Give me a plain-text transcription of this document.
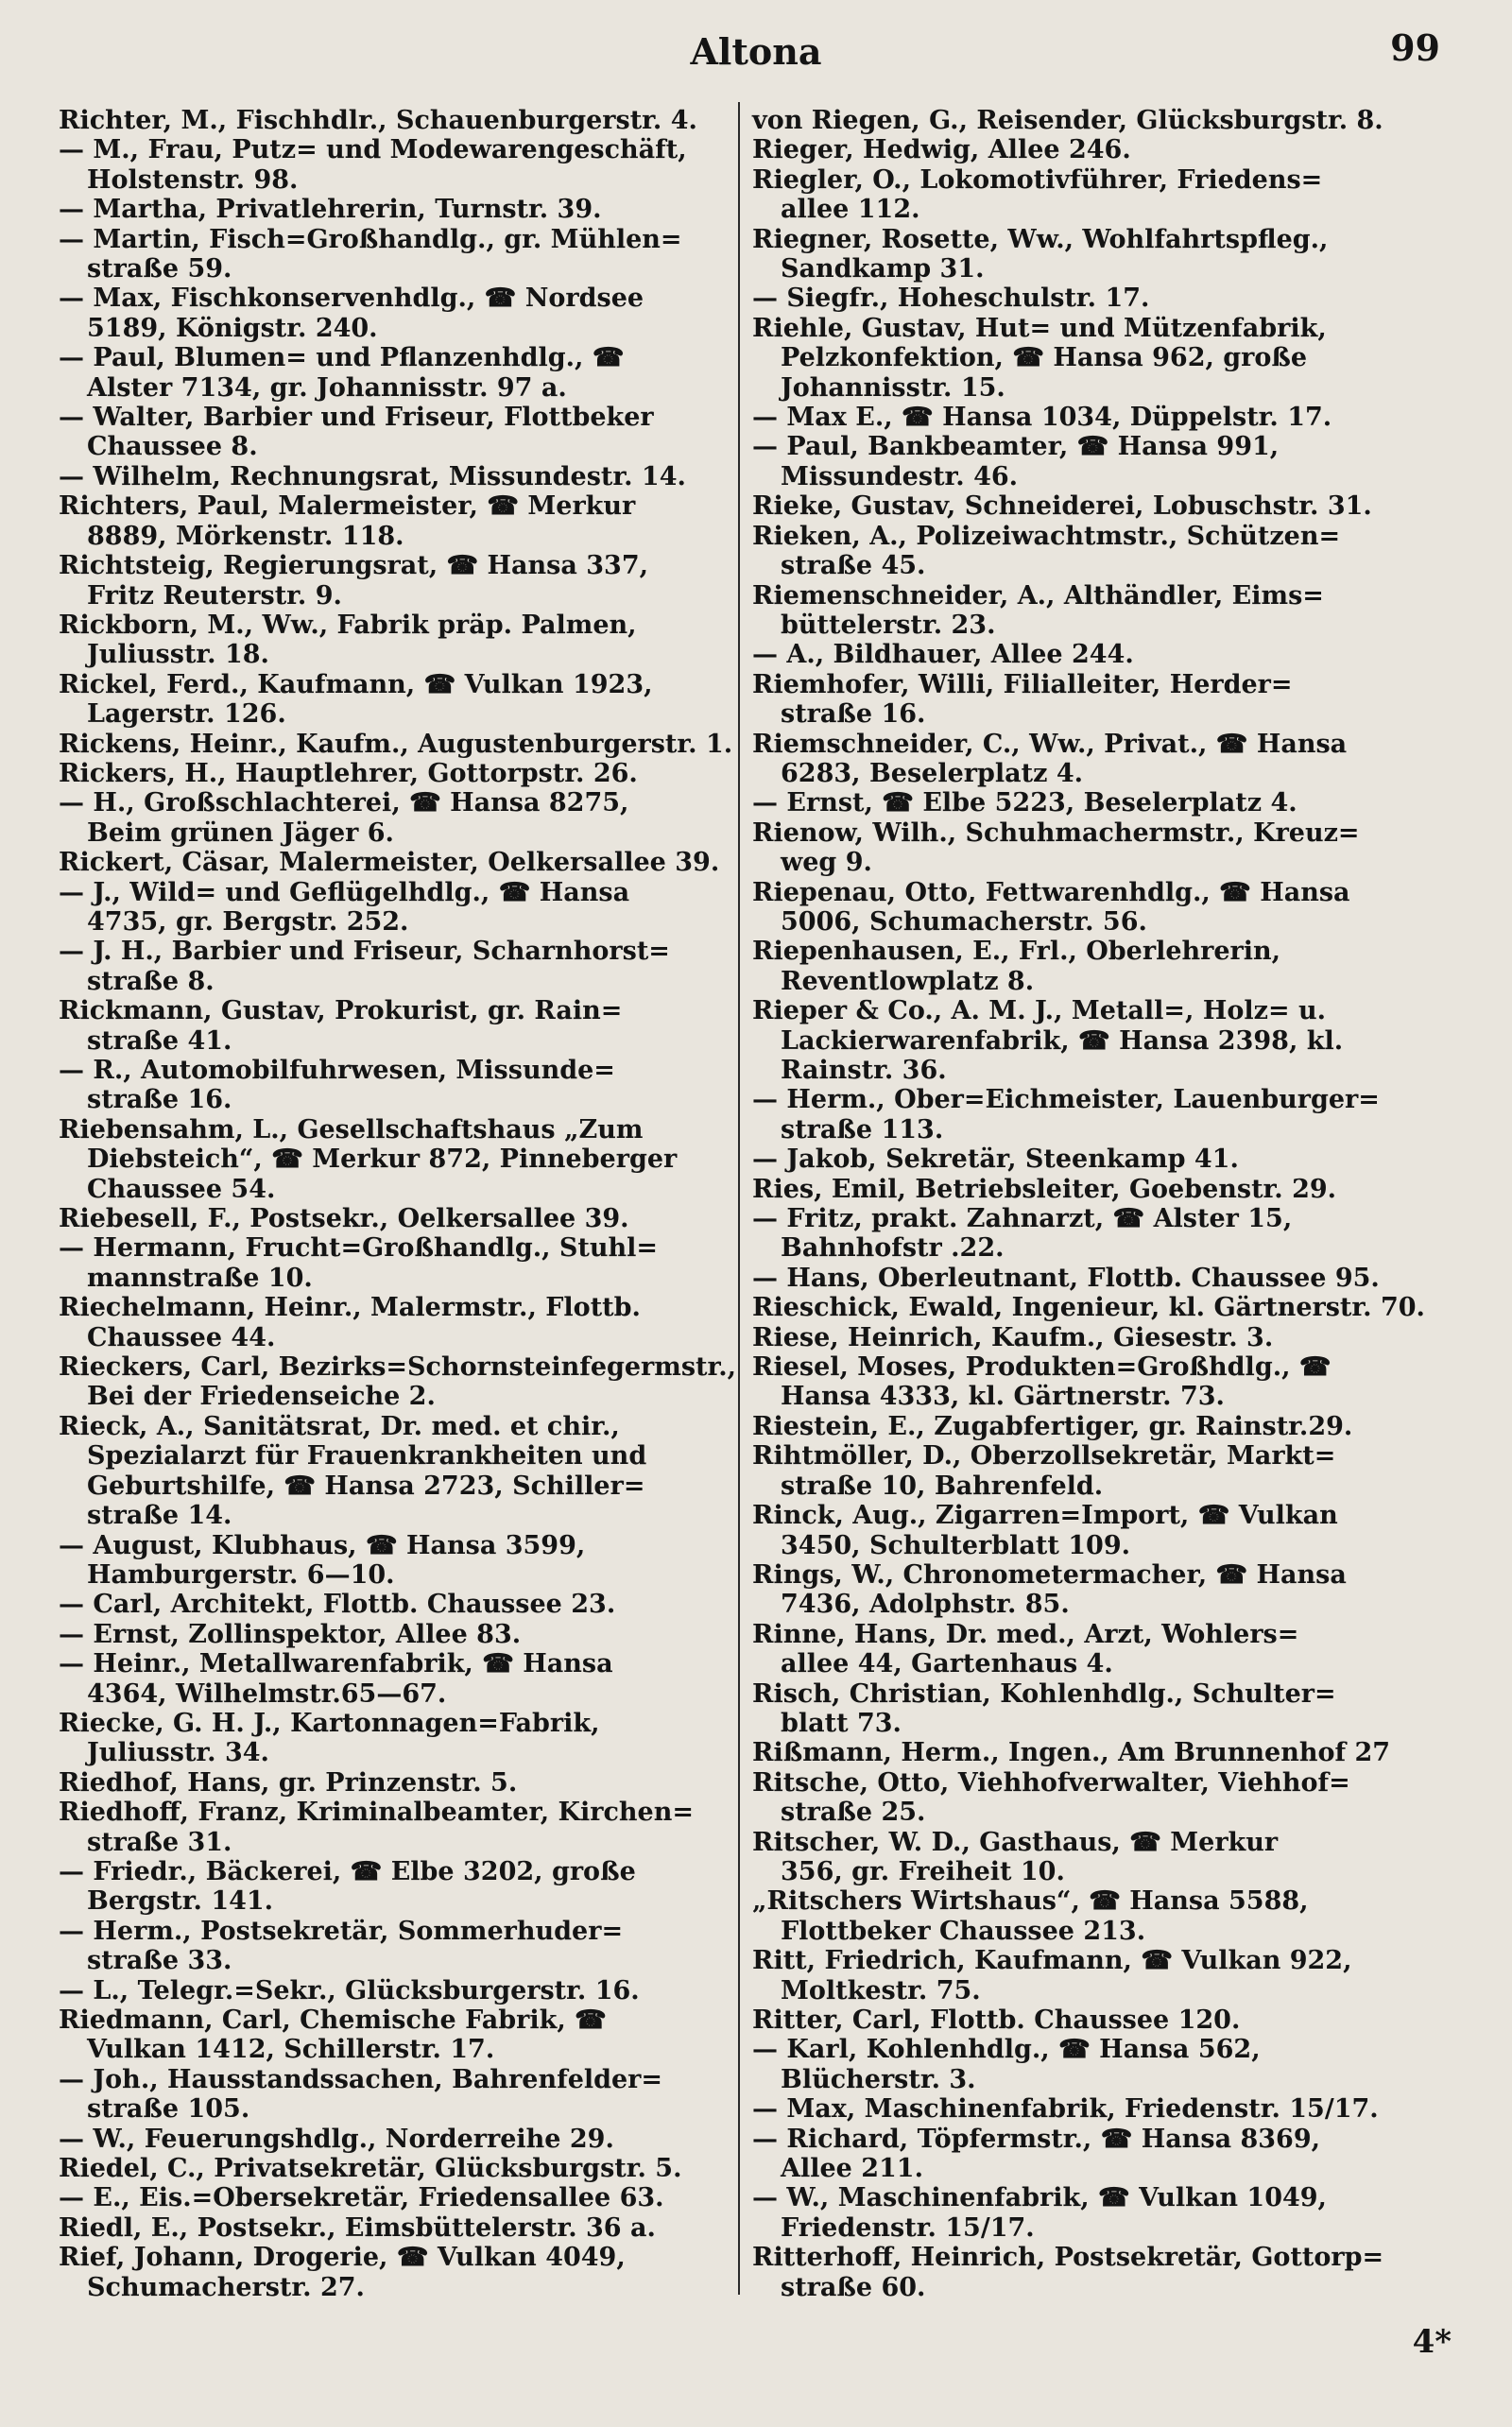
Altona	99
Richter, M., Fischhdlr., Schauenburgerstr. 4.
— M., Frau, Putz= und Modewarengeschäft,
Holstenstr. 98.
— Martha, Privatlehrerin, Turnstr. 39.
— Martin, Fisch=Großhandlg., gr. Mühlen=
straße 59.
— Max, Fischkonservenhdlg., ☎ Nordsee
5189, Königstr. 240.
— Paul, Blumen= und Pflanzenhdlg., ☎
Alster 7134, gr. Johannisstr. 97 a.
— Walter, Barbier und Friseur, Flottbeker
Chaussee 8.
— Wilhelm, Rechnungsrat, Missundestr. 14.
Richters, Paul, Malermeister, ☎ Merkur
8889, Mörkenstr. 118.
Richtsteig, Regierungsrat, ☎ Hansa 337,
Fritz Reuterstr. 9.
Rickborn, M., Ww., Fabrik präp. Palmen,
Juliusstr. 18.
Rickel, Ferd., Kaufmann, ☎ Vulkan 1923,
Lagerstr. 126.
Rickens, Heinr., Kaufm., Augustenburgerstr. 1.
Rickers, H., Hauptlehrer, Gottorpstr. 26.
— H., Großschlachterei, ☎ Hansa 8275,
Beim grünen Jäger 6.
Rickert, Cäsar, Malermeister, Oelkersallee 39.
— J., Wild= und Geflügelhdlg., ☎ Hansa
4735, gr. Bergstr. 252.
— J. H., Barbier und Friseur, Scharnhorst=
straße 8.
Rickmann, Gustav, Prokurist, gr. Rain=
straße 41.
— R., Automobilfuhrwesen, Missunde=
straße 16.
Riebensahm, L., Gesellschaftshaus „Zum
Diebsteich“, ☎ Merkur 872, Pinneberger
Chaussee 54.
Riebesell, F., Postsekr., Oelkersallee 39.
— Hermann, Frucht=Großhandlg., Stuhl=
mannstraße 10.
Riechelmann, Heinr., Malermstr., Flottb.
Chaussee 44.
Rieckers, Carl, Bezirks=Schornsteinfegermstr.,
Bei der Friedenseiche 2.
Rieck, A., Sanitätsrat, Dr. med. et chir.,
Spezialarzt für Frauenkrankheiten und
Geburtshilfe, ☎ Hansa 2723, Schiller=
straße 14.
— August, Klubhaus, ☎ Hansa 3599,
Hamburgerstr. 6—10.
— Carl, Architekt, Flottb. Chaussee 23.
— Ernst, Zollinspektor, Allee 83.
— Heinr., Metallwarenfabrik, ☎ Hansa
4364, Wilhelmstr.65—67.
Riecke, G. H. J., Kartonnagen=Fabrik,
Juliusstr. 34.
Riedhof, Hans, gr. Prinzenstr. 5.
Riedhoff, Franz, Kriminalbeamter, Kirchen=
straße 31.
— Friedr., Bäckerei, ☎ Elbe 3202, große
Bergstr. 141.
— Herm., Postsekretär, Sommerhuder=
straße 33.
— L., Telegr.=Sekr., Glücksburgerstr. 16.
Riedmann, Carl, Chemische Fabrik, ☎
Vulkan 1412, Schillerstr. 17.
— Joh., Hausstandssachen, Bahrenfelder=
straße 105.
— W., Feuerungshdlg., Norderreihe 29.
Riedel, C., Privatsekretär, Glücksburgstr. 5.
— E., Eis.=Obersekretär, Friedensallee 63.
Riedl, E., Postsekr., Eimsbüttelerstr. 36 a.
Rief, Johann, Drogerie, ☎ Vulkan 4049,
Schumacherstr. 27.
von Riegen, G., Reisender, Glücksburgstr. 8.
Rieger, Hedwig, Allee 246.
Riegler, O., Lokomotivführer, Friedens=
allee 112.
Riegner, Rosette, Ww., Wohlfahrtspfleg.,
Sandkamp 31.
— Siegfr., Hoheschulstr. 17.
Riehle, Gustav, Hut= und Mützenfabrik,
Pelzkonfektion, ☎ Hansa 962, große
Johannisstr. 15.
— Max E., ☎ Hansa 1034, Düppelstr. 17.
— Paul, Bankbeamter, ☎ Hansa 991,
Missundestr. 46.
Rieke, Gustav, Schneiderei, Lobuschstr. 31.
Rieken, A., Polizeiwachtmstr., Schützen=
straße 45.
Riemenschneider, A., Althändler, Eims=
büttelerstr. 23.
— A., Bildhauer, Allee 244.
Riemhofer, Willi, Filialleiter, Herder=
straße 16.
Riemschneider, C., Ww., Privat., ☎ Hansa
6283, Beselerplatz 4.
— Ernst, ☎ Elbe 5223, Beselerplatz 4.
Rienow, Wilh., Schuhmachermstr., Kreuz=
weg 9.
Riepenau, Otto, Fettwarenhdlg., ☎ Hansa
5006, Schumacherstr. 56.
Riepenhausen, E., Frl., Oberlehrerin,
Reventlowplatz 8.
Rieper & Co., A. M. J., Metall=, Holz= u.
Lackierwarenfabrik, ☎ Hansa 2398, kl.
Rainstr. 36.
— Herm., Ober=Eichmeister, Lauenburger=
straße 113.
— Jakob, Sekretär, Steenkamp 41.
Ries, Emil, Betriebsleiter, Goebenstr. 29.
— Fritz, prakt. Zahnarzt, ☎ Alster 15,
Bahnhofstr .22.
— Hans, Oberleutnant, Flottb. Chaussee 95.
Rieschick, Ewald, Ingenieur, kl. Gärtnerstr. 70.
Riese, Heinrich, Kaufm., Giesestr. 3.
Riesel, Moses, Produkten=Großhdlg., ☎
Hansa 4333, kl. Gärtnerstr. 73.
Riestein, E., Zugabfertiger, gr. Rainstr.29.
Rihtmöller, D., Oberzollsekretär, Markt=
straße 10, Bahrenfeld.
Rinck, Aug., Zigarren=Import, ☎ Vulkan
3450, Schulterblatt 109.
Rings, W., Chronometermacher, ☎ Hansa
7436, Adolphstr. 85.
Rinne, Hans, Dr. med., Arzt, Wohlers=
allee 44, Gartenhaus 4.
Risch, Christian, Kohlenhdlg., Schulter=
blatt 73.
Rißmann, Herm., Ingen., Am Brunnenhof 27
Ritsche, Otto, Viehhofverwalter, Viehhof=
straße 25.
Ritscher, W. D., Gasthaus, ☎ Merkur
356, gr. Freiheit 10.
„Ritschers Wirtshaus“, ☎ Hansa 5588,
Flottbeker Chaussee 213.
Ritt, Friedrich, Kaufmann, ☎ Vulkan 922,
Moltkestr. 75.
Ritter, Carl, Flottb. Chaussee 120.
— Karl, Kohlenhdlg., ☎ Hansa 562,
Blücherstr. 3.
— Max, Maschinenfabrik, Friedenstr. 15/17.
— Richard, Töpfermstr., ☎ Hansa 8369,
Allee 211.
— W., Maschinenfabrik, ☎ Vulkan 1049,
Friedenstr. 15/17.
Ritterhoff, Heinrich, Postsekretär, Gottorp=
straße 60.
4*
